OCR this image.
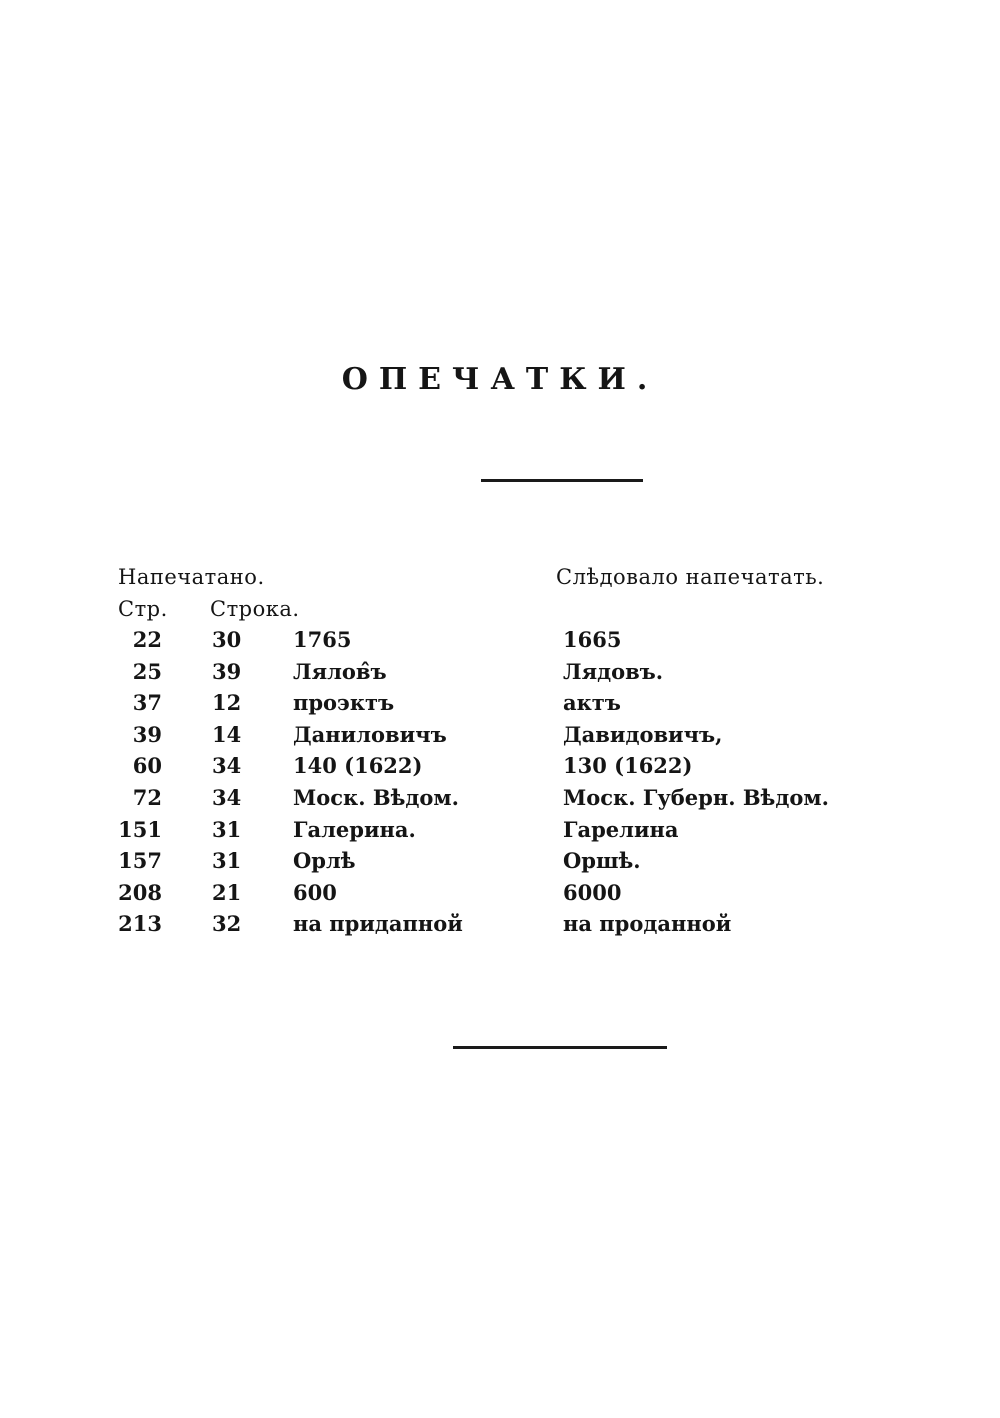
ОПЕЧАТКИ.
Напечатано.	Слѣдовало напечатать.
Стр. Строка.
22 30 1765	1665
25 39 Лялов̂ъ	Лядовъ.
37 12 проэктъ	актъ
39 14 Даниловичъ	Давидовичъ,
60 34 140 (1622)	130 (1622)
72 34 Моск. Вѣдом.	Моск. Губерн. Вѣдом.
151 31 Галерина.	Гарелина
157 31 Орлѣ	Оршѣ.
208 21 600	6000
213 32 на придапной	на проданной
